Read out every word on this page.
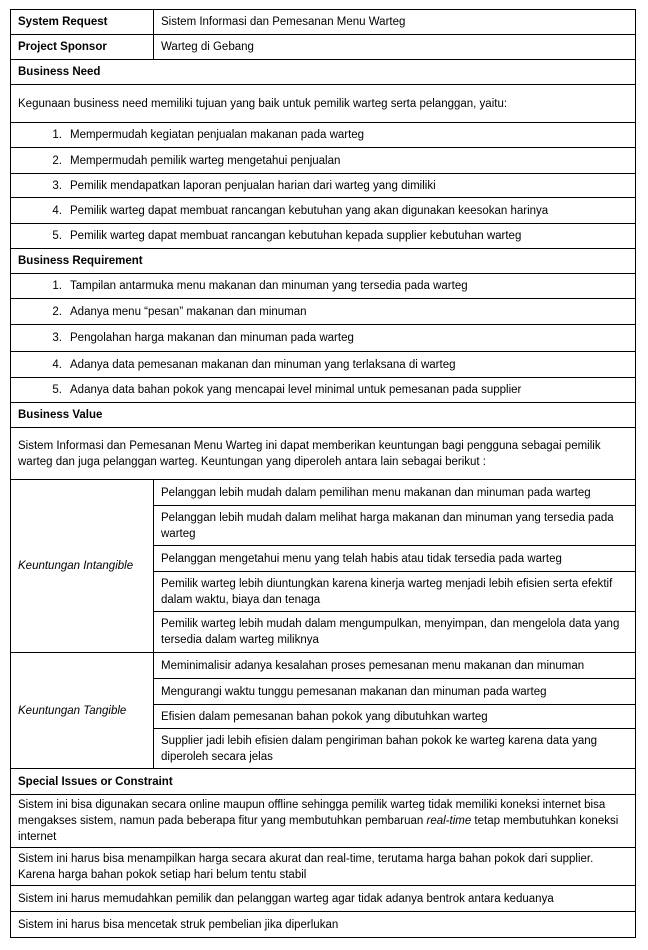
System Request	Sistem Informasi dan Pemesanan Menu Warteg
Project Sponsor	Warteg di Gebang
Business Need	
Kegunaan business need memiliki tujuan yang baik untuk pemilik warteg serta pelanggan, yaitu:	
1. Mempermudah kegiatan penjualan makanan pada warteg	
2. Mempermudah pemilik warteg mengetahui penjualan	
3. Pemilik mendapatkan laporan penjualan harian dari warteg yang dimiliki	
4. Pemilik warteg dapat membuat rancangan kebutuhan yang akan digunakan keesokan harinya	
5. Pemilik warteg dapat membuat rancangan kebutuhan kepada supplier kebutuhan warteg	
Business Requirement	
1. Tampilan antarmuka menu makanan dan minuman yang tersedia pada warteg	
2. Adanya menu “pesan” makanan dan minuman	
3. Pengolahan harga makanan dan minuman pada warteg	
4. Adanya data pemesanan makanan dan minuman yang terlaksana di warteg	
5. Adanya data bahan pokok yang mencapai level minimal untuk pemesanan pada supplier	
Business Value	
Sistem Informasi dan Pemesanan Menu Warteg ini dapat memberikan keuntungan bagi pengguna sebagai pemilik warteg dan juga pelanggan warteg. Keuntungan yang diperoleh antara lain sebagai berikut :	
Keuntungan Intangible	Pelanggan lebih mudah dalam pemilihan menu makanan dan minuman pada warteg
	Pelanggan lebih mudah dalam melihat harga makanan dan minuman yang tersedia pada warteg
	Pelanggan mengetahui menu yang telah habis atau tidak tersedia pada warteg
	Pemilik warteg lebih diuntungkan karena kinerja warteg menjadi lebih efisien serta efektif dalam waktu, biaya dan tenaga
	Pemilik warteg lebih mudah dalam mengumpulkan, menyimpan, dan mengelola data yang tersedia dalam warteg miliknya
Keuntungan Tangible	Meminimalisir adanya kesalahan proses pemesanan menu makanan dan minuman
	Mengurangi waktu tunggu pemesanan makanan dan minuman pada warteg
	Efisien dalam pemesanan bahan pokok yang dibutuhkan warteg
	Supplier jadi lebih efisien dalam pengiriman bahan pokok ke warteg karena data yang diperoleh secara jelas
Special Issues or Constraint	
Sistem ini bisa digunakan secara online maupun offline sehingga pemilik warteg tidak memiliki koneksi internet bisa mengakses sistem, namun pada beberapa fitur yang membutuhkan pembaruan real-time tetap membutuhkan koneksi internet	
Sistem ini harus bisa menampilkan harga secara akurat dan real-time, terutama harga bahan pokok dari supplier. Karena harga bahan pokok setiap hari belum tentu stabil	
Sistem ini harus memudahkan pemilik dan pelanggan warteg agar tidak adanya bentrok antara keduanya	
Sistem ini harus bisa mencetak struk pembelian jika diperlukan	
